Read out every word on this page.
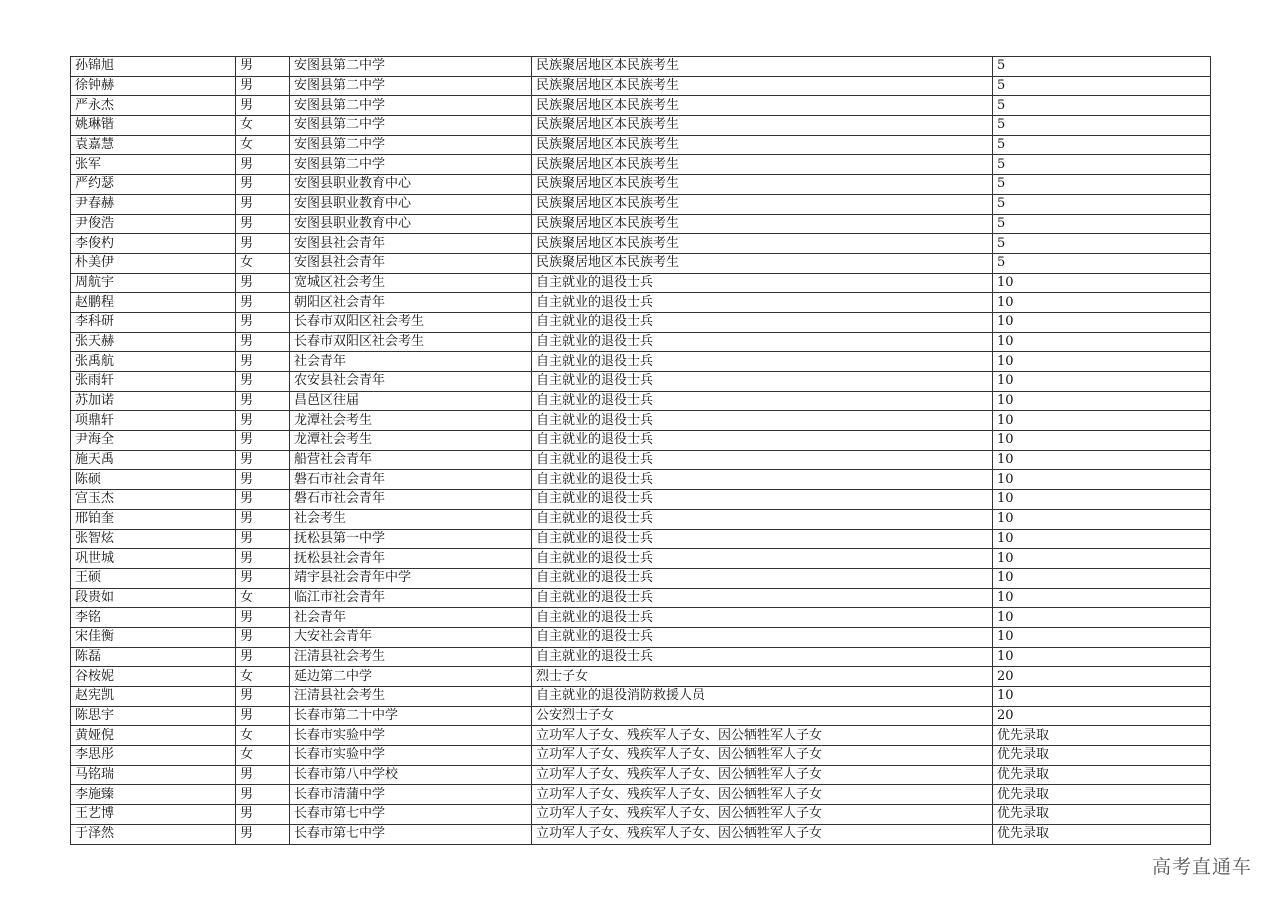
孙锦旭	男	安图县第二中学	民族聚居地区本民族考生	5
徐钟赫	男	安图县第二中学	民族聚居地区本民族考生	5
严永杰	男	安图县第二中学	民族聚居地区本民族考生	5
姚琳锴	女	安图县第二中学	民族聚居地区本民族考生	5
袁嘉慧	女	安图县第二中学	民族聚居地区本民族考生	5
张军	男	安图县第二中学	民族聚居地区本民族考生	5
严约瑟	男	安图县职业教育中心	民族聚居地区本民族考生	5
尹春赫	男	安图县职业教育中心	民族聚居地区本民族考生	5
尹俊浩	男	安图县职业教育中心	民族聚居地区本民族考生	5
李俊杓	男	安图县社会青年	民族聚居地区本民族考生	5
朴美伊	女	安图县社会青年	民族聚居地区本民族考生	5
周航宇	男	宽城区社会考生	自主就业的退役士兵	10
赵鹏程	男	朝阳区社会青年	自主就业的退役士兵	10
李科研	男	长春市双阳区社会考生	自主就业的退役士兵	10
张天赫	男	长春市双阳区社会考生	自主就业的退役士兵	10
张禹航	男	社会青年	自主就业的退役士兵	10
张雨轩	男	农安县社会青年	自主就业的退役士兵	10
苏加诺	男	昌邑区往届	自主就业的退役士兵	10
项鼎轩	男	龙潭社会考生	自主就业的退役士兵	10
尹海全	男	龙潭社会考生	自主就业的退役士兵	10
施天禹	男	船营社会青年	自主就业的退役士兵	10
陈硕	男	磐石市社会青年	自主就业的退役士兵	10
宫玉杰	男	磐石市社会青年	自主就业的退役士兵	10
邢铂奎	男	社会考生	自主就业的退役士兵	10
张智炫	男	抚松县第一中学	自主就业的退役士兵	10
巩世城	男	抚松县社会青年	自主就业的退役士兵	10
王硕	男	靖宇县社会青年中学	自主就业的退役士兵	10
段贵如	女	临江市社会青年	自主就业的退役士兵	10
李铭	男	社会青年	自主就业的退役士兵	10
宋佳衡	男	大安社会青年	自主就业的退役士兵	10
陈磊	男	汪清县社会考生	自主就业的退役士兵	10
谷桉妮	女	延边第二中学	烈士子女	20
赵宪凯	男	汪清县社会考生	自主就业的退役消防救援人员	10
陈思宇	男	长春市第二十中学	公安烈士子女	20
黄娅倪	女	长春市实验中学	立功军人子女、残疾军人子女、因公牺牲军人子女	优先录取
李思彤	女	长春市实验中学	立功军人子女、残疾军人子女、因公牺牲军人子女	优先录取
马铭瑞	男	长春市第八中学校	立功军人子女、残疾军人子女、因公牺牲军人子女	优先录取
李施臻	男	长春市清蒲中学	立功军人子女、残疾军人子女、因公牺牲军人子女	优先录取
王艺博	男	长春市第七中学	立功军人子女、残疾军人子女、因公牺牲军人子女	优先录取
于泽然	男	长春市第七中学	立功军人子女、残疾军人子女、因公牺牲军人子女	优先录取
高考直通车
